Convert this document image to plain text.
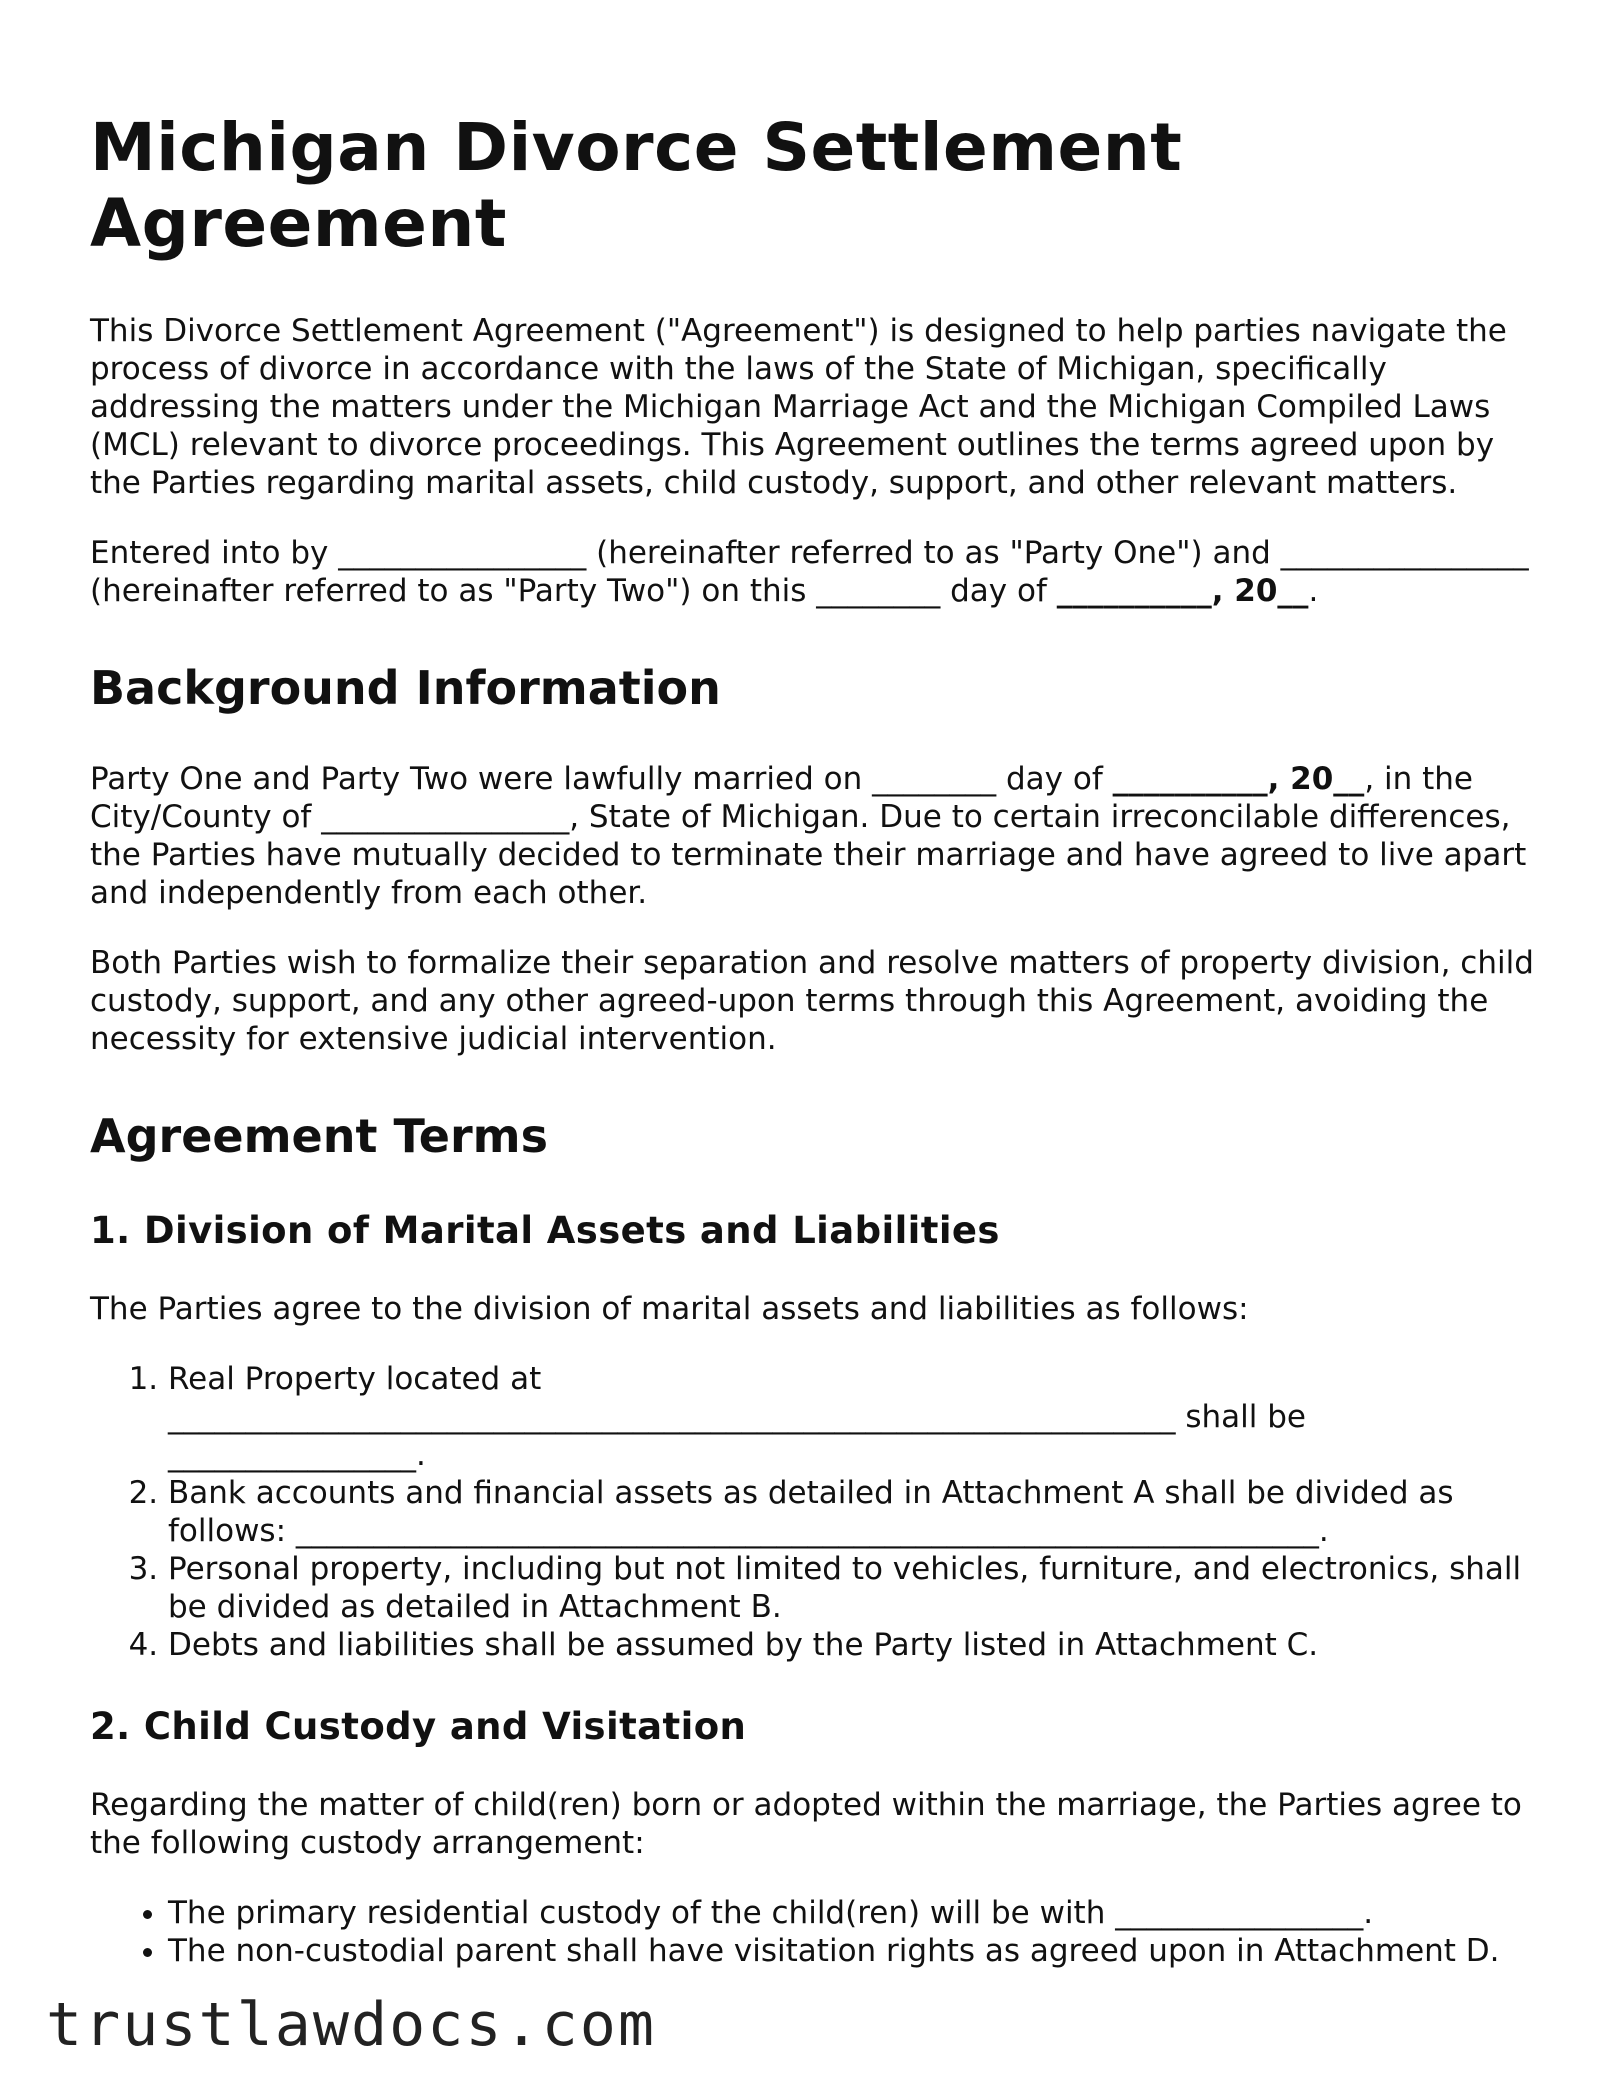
Michigan Divorce Settlement Agreement

This Divorce Settlement Agreement ("Agreement") is designed to help parties navigate the process of divorce in accordance with the laws of the State of Michigan, specifically addressing the matters under the Michigan Marriage Act and the Michigan Compiled Laws (MCL) relevant to divorce proceedings. This Agreement outlines the terms agreed upon by the Parties regarding marital assets, child custody, support, and other relevant matters.

Entered into by ________________ (hereinafter referred to as "Party One") and ________________ (hereinafter referred to as "Party Two") on this ________ day of __________, 20__.

Background Information

Party One and Party Two were lawfully married on ________ day of __________, 20__, in the City/County of ________________, State of Michigan. Due to certain irreconcilable differences, the Parties have mutually decided to terminate their marriage and have agreed to live apart and independently from each other.

Both Parties wish to formalize their separation and resolve matters of property division, child custody, support, and any other agreed-upon terms through this Agreement, avoiding the necessity for extensive judicial intervention.

Agreement Terms
1. Division of Marital Assets and Liabilities

The Parties agree to the division of marital assets and liabilities as follows:

1. Real Property located at _________________________________________________________________ shall be ________________.
2. Bank accounts and financial assets as detailed in Attachment A shall be divided as follows: __________________________________________________________________.
3. Personal property, including but not limited to vehicles, furniture, and electronics, shall be divided as detailed in Attachment B.
4. Debts and liabilities shall be assumed by the Party listed in Attachment C.
2. Child Custody and Visitation

Regarding the matter of child(ren) born or adopted within the marriage, the Parties agree to the following custody arrangement:

• The primary residential custody of the child(ren) will be with ________________.
• The non-custodial parent shall have visitation rights as agreed upon in Attachment D.
trustlawdocs.com
